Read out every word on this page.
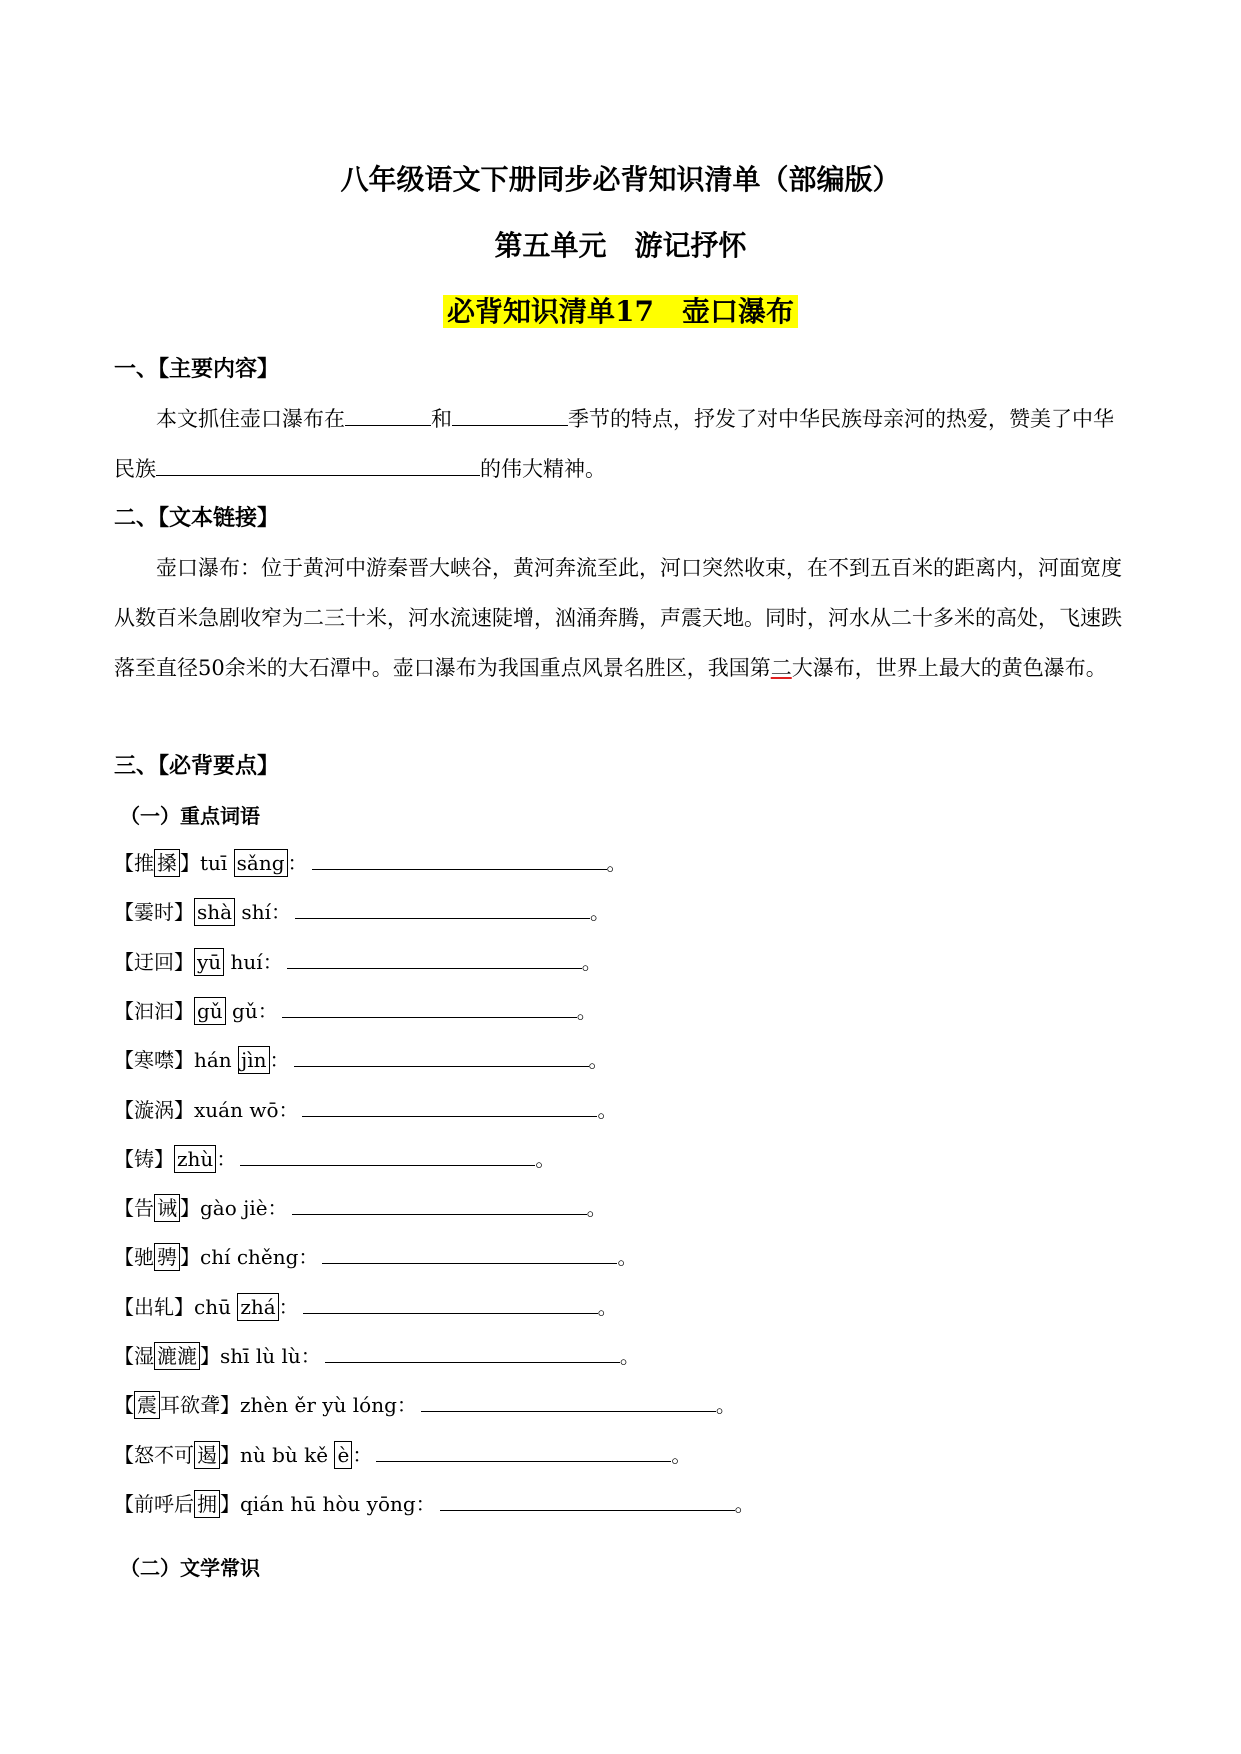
八年级语文下册同步必背知识清单（部编版）
第五单元　游记抒怀
必背知识清单17　壶口瀑布
一、【主要内容】

本文抓住壶口瀑布在	和	季节的特点，抒发了对中华民族母亲河的热爱，赞美了中华民族	的伟大精神。

二、【文本链接】

壶口瀑布：位于黄河中游秦晋大峡谷，黄河奔流至此，河口突然收束，在不到五百米的距离内，河面宽度从数百米急剧收窄为二三十米，河水流速陡增，汹涌奔腾，声震天地。同时，河水从二十多米的高处，飞速跌落至直径50余米的大石潭中。壶口瀑布为我国重点风景名胜区，我国第二大瀑布，世界上最大的黄色瀑布。

三、【必背要点】
（一）重点词语
【推 搡 】tuī sǎng ：	。
【霎时】 shà shí：	。
【迂回】 yū huí：	。
【汩汩】 gǔ gǔ：	。
【寒噤】hán jìn ：	。
【漩涡】xuán wō：	。
【铸】 zhù ：	。
【告 诫 】gào jiè：	。
【驰 骋 】chí chěng：	。
【出轧】chū zhá ：	。
【湿 漉漉 】shī lù lù：	。
【 震 耳欲聋】zhèn ěr yù lóng：	。
【怒不可 遏 】nù bù kě è ：	。
【前呼后 拥 】qián hū hòu yōng：	。
（二）文学常识
